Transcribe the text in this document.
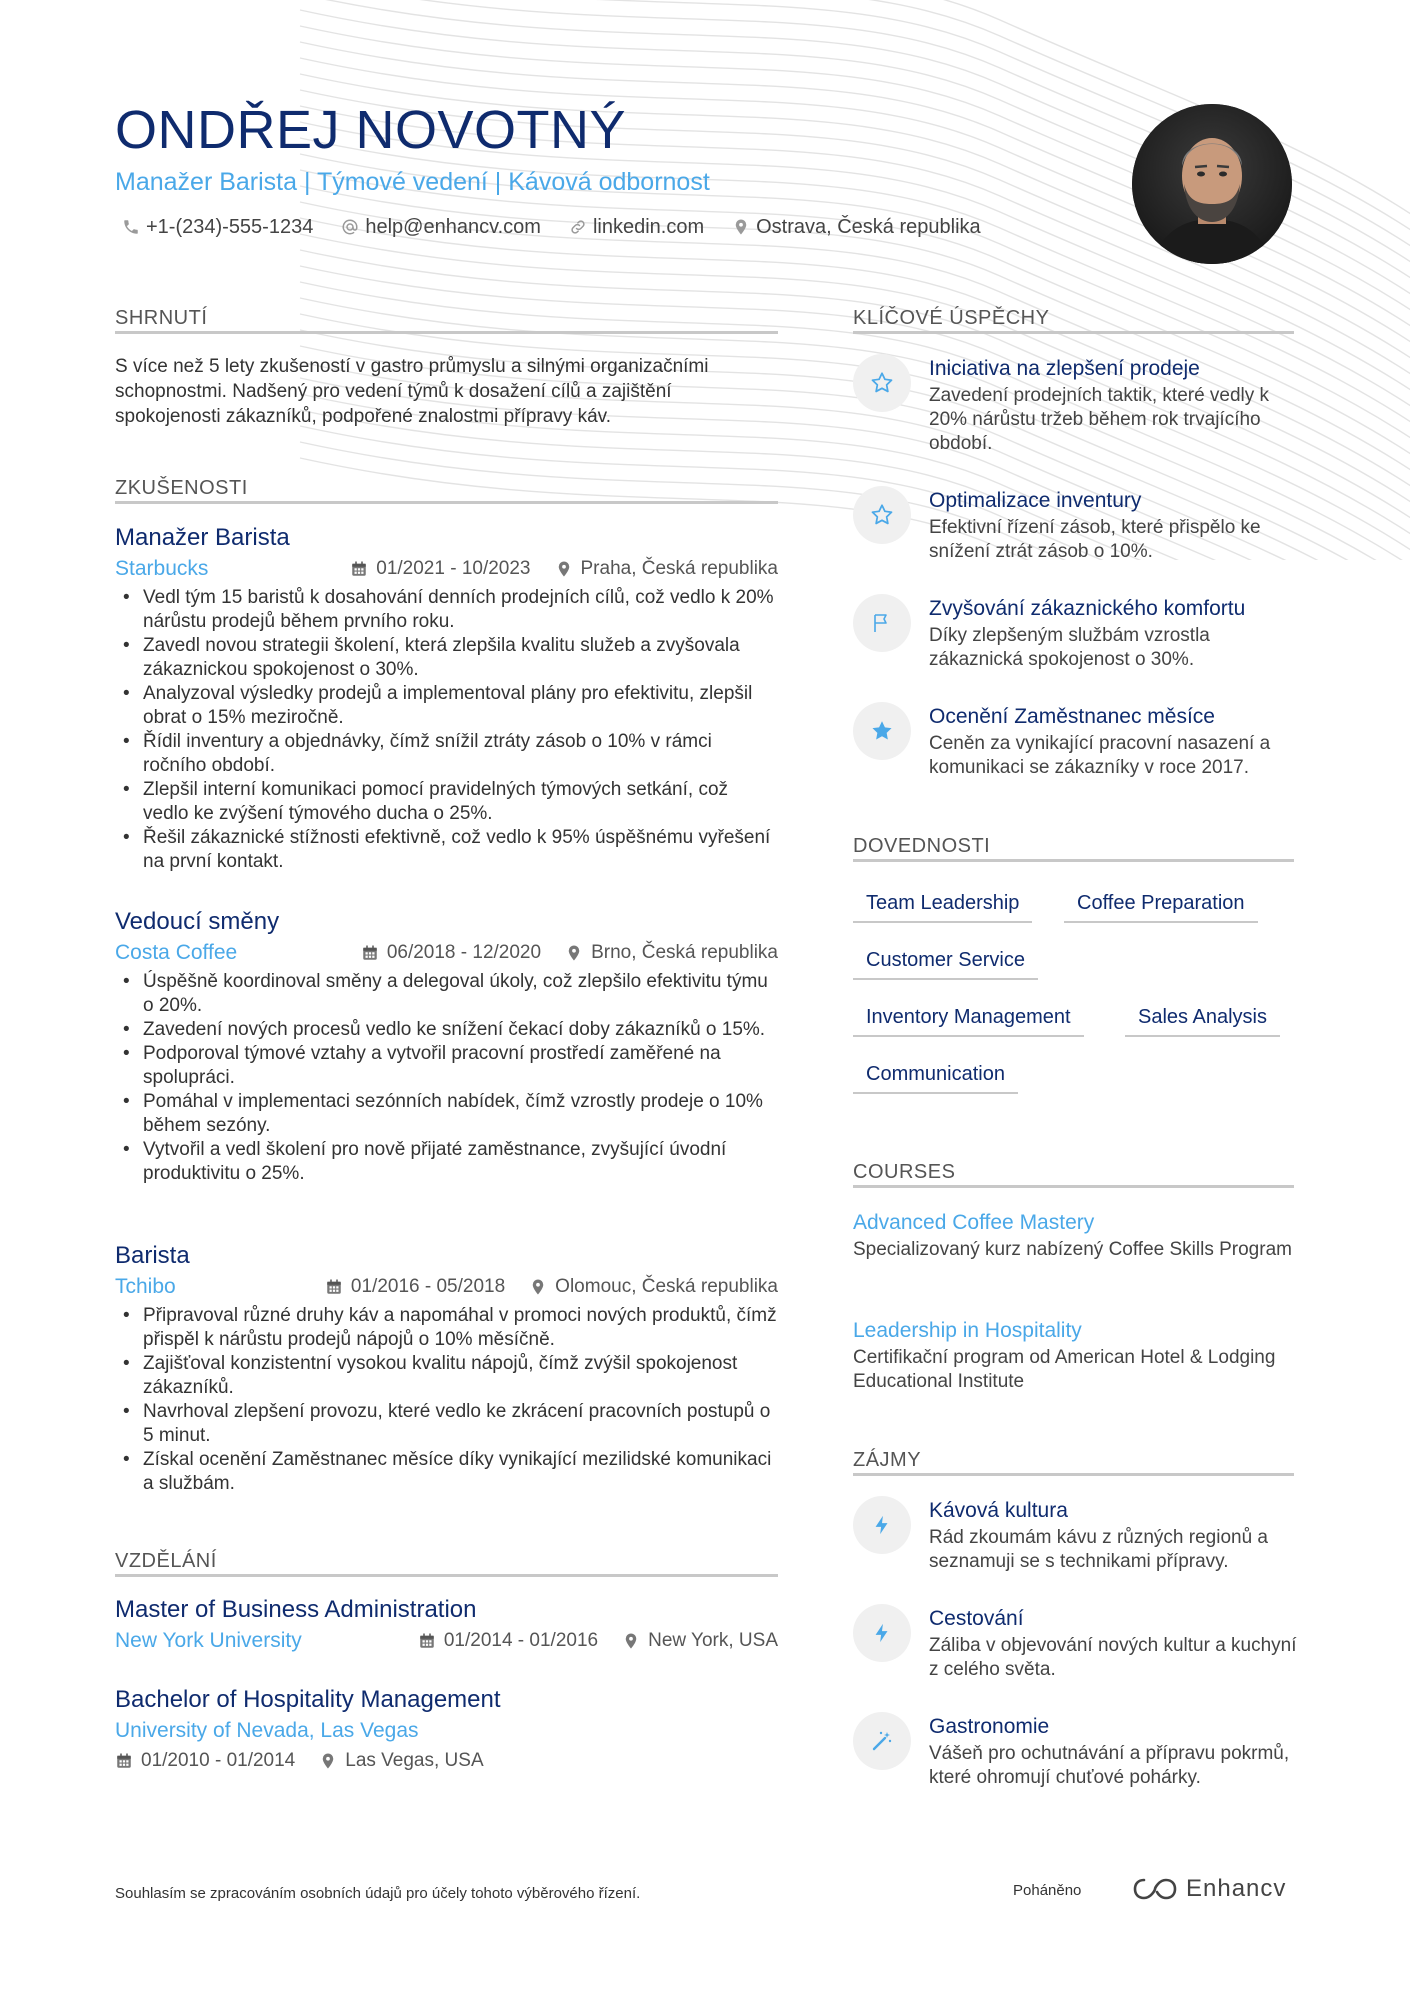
ONDŘEJ NOVOTNÝ
Manažer Barista | Týmové vedení | Kávová odbornost
+1-(234)-555-1234	help@enhancv.com	linkedin.com	Ostrava, Česká republika
SHRNUTÍ
S více než 5 lety zkušeností v gastro průmyslu a silnými organizačními schopnostmi. Nadšený pro vedení týmů k dosažení cílů a zajištění spokojenosti zákazníků, podpořené znalostmi přípravy káv.
ZKUŠENOSTI
Manažer Barista
Starbucks	01/2021 - 10/2023	Praha, Česká republika
• Vedl tým 15 baristů k dosahování denních prodejních cílů, což vedlo k 20% nárůstu prodejů během prvního roku.
• Zavedl novou strategii školení, která zlepšila kvalitu služeb a zvyšovala zákaznickou spokojenost o 30%.
• Analyzoval výsledky prodejů a implementoval plány pro efektivitu, zlepšil obrat o 15% meziročně.
• Řídil inventury a objednávky, čímž snížil ztráty zásob o 10% v rámci ročního období.
• Zlepšil interní komunikaci pomocí pravidelných týmových setkání, což vedlo ke zvýšení týmového ducha o 25%.
• Řešil zákaznické stížnosti efektivně, což vedlo k 95% úspěšnému vyřešení na první kontakt.
Vedoucí směny
Costa Coffee	06/2018 - 12/2020	Brno, Česká republika
• Úspěšně koordinoval směny a delegoval úkoly, což zlepšilo efektivitu týmu o 20%.
• Zavedení nových procesů vedlo ke snížení čekací doby zákazníků o 15%.
• Podporoval týmové vztahy a vytvořil pracovní prostředí zaměřené na spolupráci.
• Pomáhal v implementaci sezónních nabídek, čímž vzrostly prodeje o 10% během sezóny.
• Vytvořil a vedl školení pro nově přijaté zaměstnance, zvyšující úvodní produktivitu o 25%.
Barista
Tchibo	01/2016 - 05/2018	Olomouc, Česká republika
• Připravoval různé druhy káv a napomáhal v promoci nových produktů, čímž přispěl k nárůstu prodejů nápojů o 10% měsíčně.
• Zajišťoval konzistentní vysokou kvalitu nápojů, čímž zvýšil spokojenost zákazníků.
• Navrhoval zlepšení provozu, které vedlo ke zkrácení pracovních postupů o 5 minut.
• Získal ocenění Zaměstnanec měsíce díky vynikající mezilidské komunikaci a službám.
VZDĚLÁNÍ
Master of Business Administration
New York University	01/2014 - 01/2016	New York, USA
Bachelor of Hospitality Management
University of Nevada, Las Vegas
01/2010 - 01/2014	Las Vegas, USA
KLÍČOVÉ ÚSPĚCHY
Iniciativa na zlepšení prodeje
Zavedení prodejních taktik, které vedly k 20% nárůstu tržeb během rok trvajícího období.
Optimalizace inventury
Efektivní řízení zásob, které přispělo ke snížení ztrát zásob o 10%.
Zvyšování zákaznického komfortu
Díky zlepšeným službám vzrostla zákaznická spokojenost o 30%.
Ocenění Zaměstnanec měsíce
Ceněn za vynikající pracovní nasazení a komunikaci se zákazníky v roce 2017.
DOVEDNOSTI
Team Leadership	Coffee Preparation
Customer Service
Inventory Management	Sales Analysis
Communication
COURSES
Advanced Coffee Mastery
Specializovaný kurz nabízený Coffee Skills Program
Leadership in Hospitality
Certifikační program od American Hotel & Lodging Educational Institute
ZÁJMY
Kávová kultura
Rád zkoumám kávu z různých regionů a seznamuji se s technikami přípravy.
Cestování
Záliba v objevování nových kultur a kuchyní z celého světa.
Gastronomie
Vášeň pro ochutnávání a přípravu pokrmů, které ohromují chuťové pohárky.
Souhlasím se zpracováním osobních údajů pro účely tohoto výběrového řízení.	Poháněno	Enhancv
